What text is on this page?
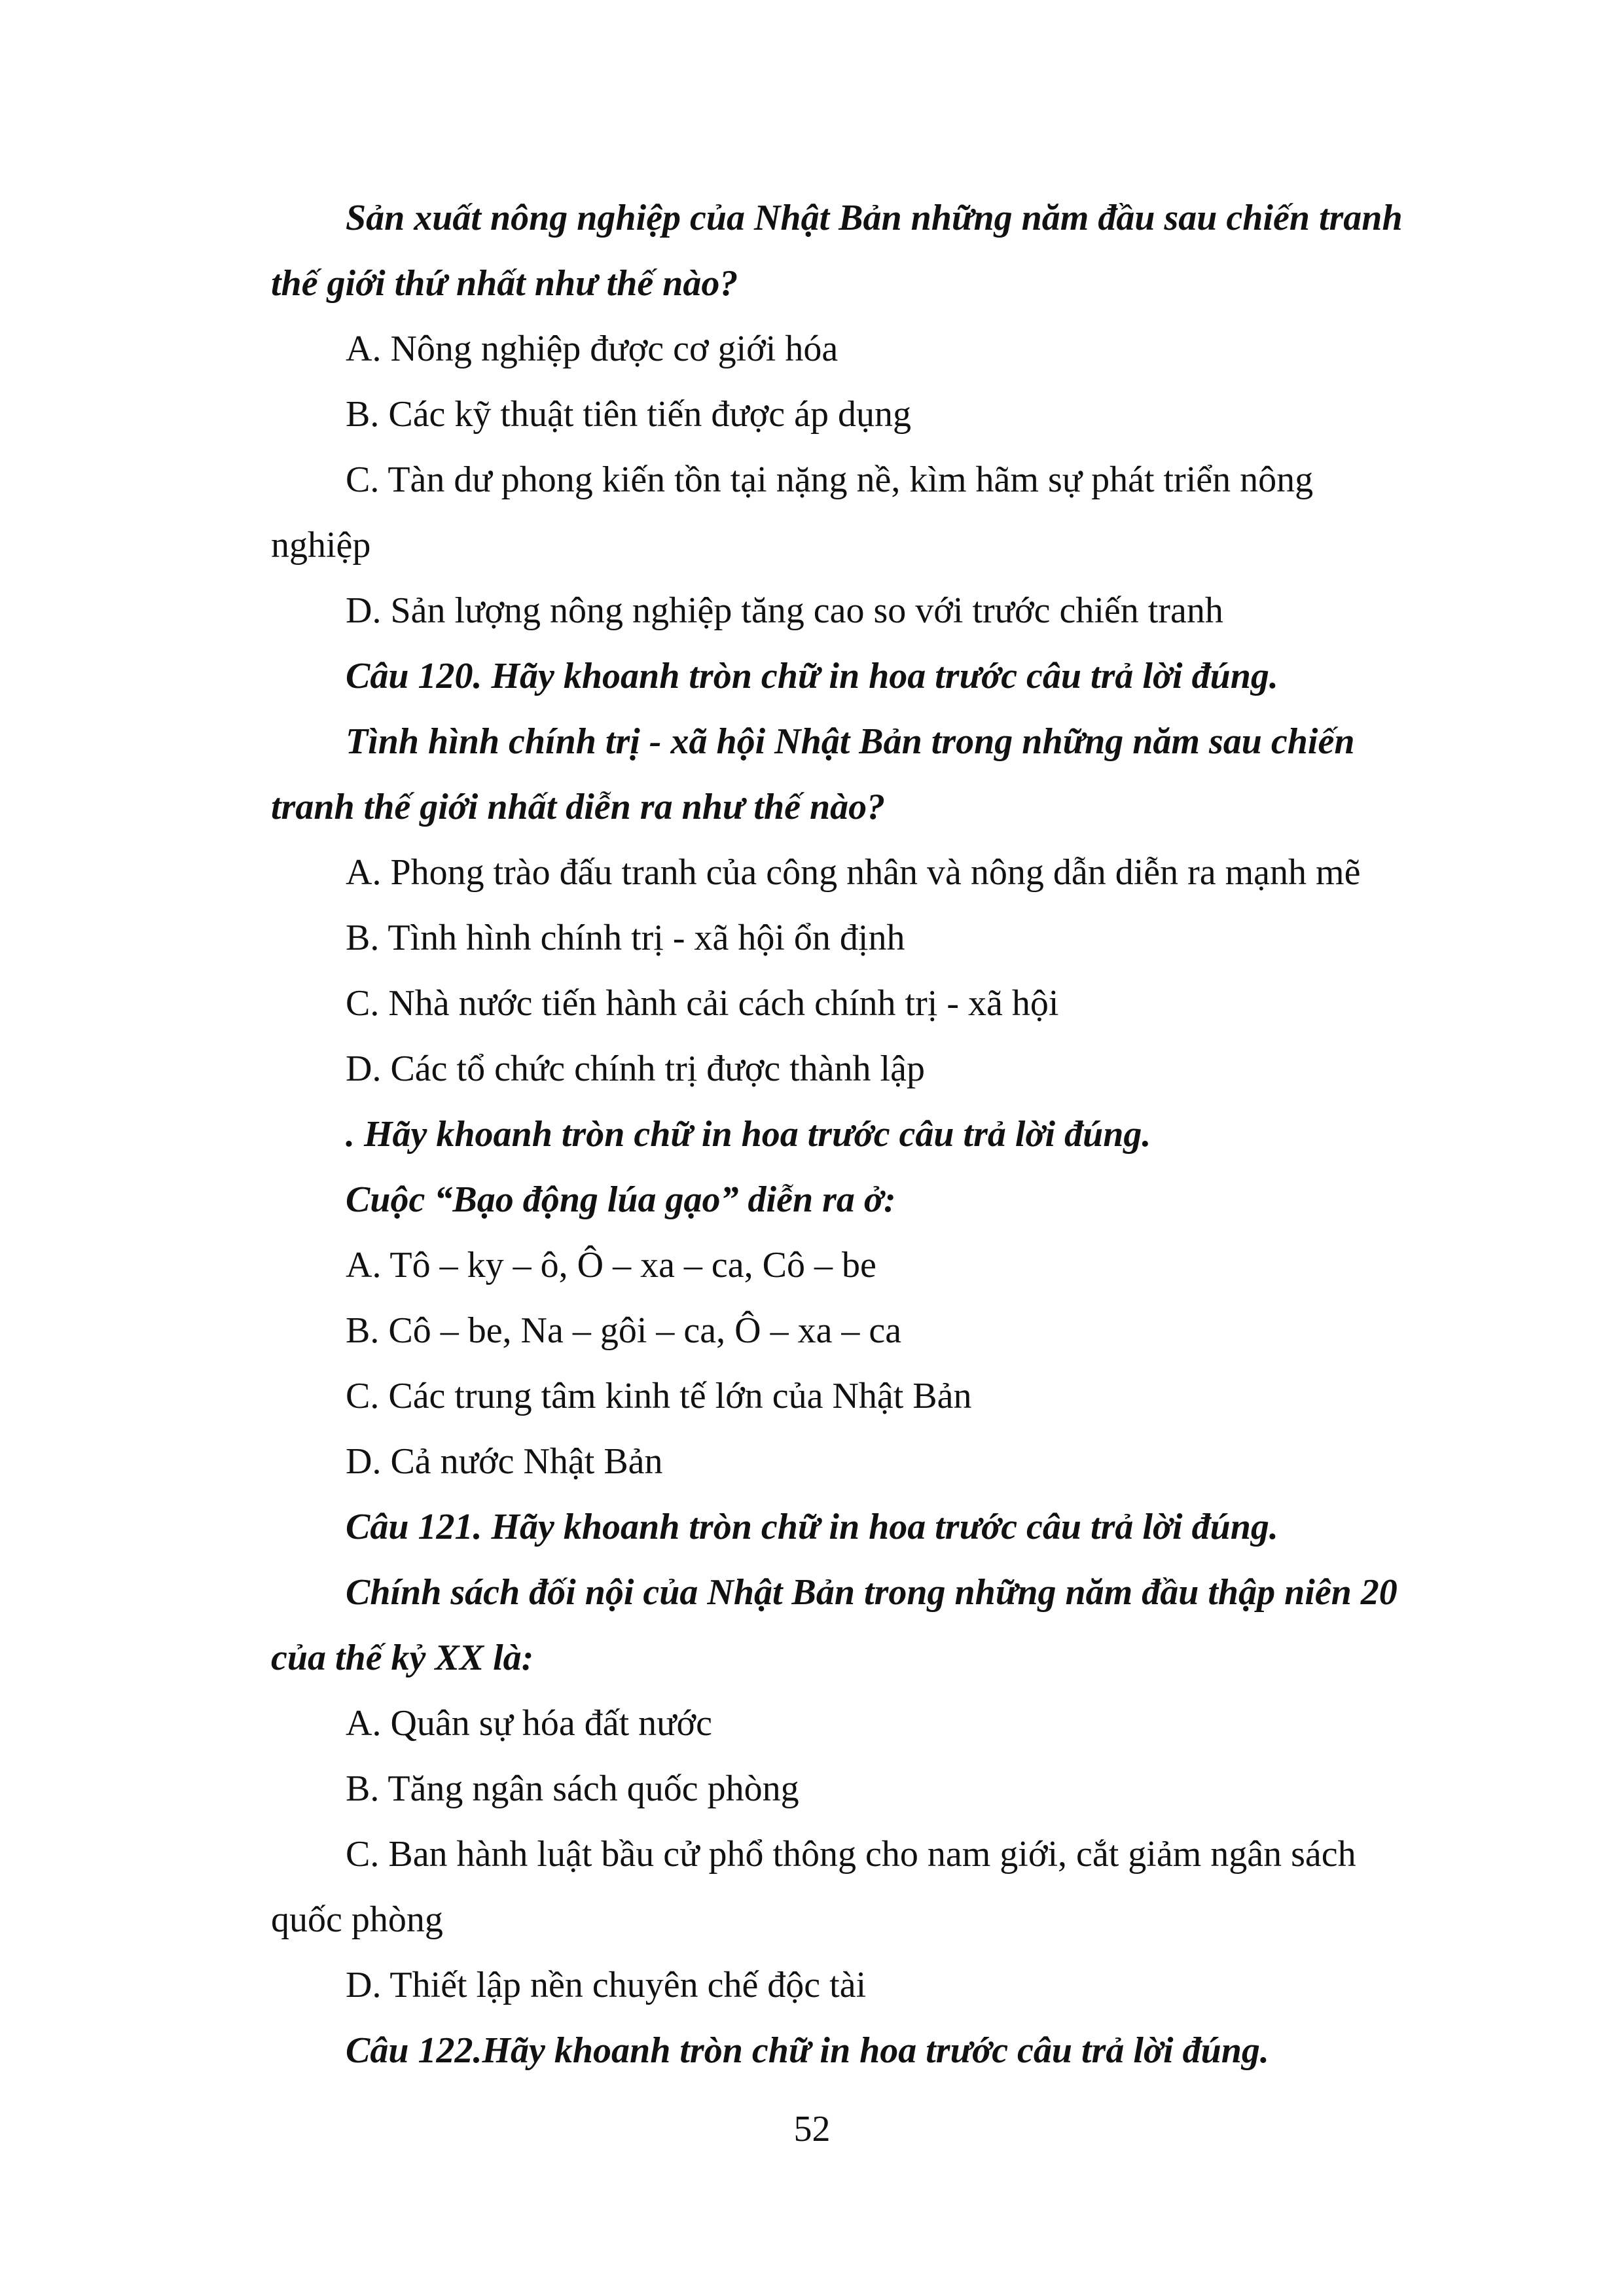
Sản xuất nông nghiệp của Nhật Bản những năm đầu sau chiến tranh
thế giới thứ nhất như thế nào?
A. Nông nghiệp được cơ giới hóa
B. Các kỹ thuật tiên tiến được áp dụng
C. Tàn dư phong kiến tồn tại nặng nề, kìm hãm sự phát triển nông
nghiệp
D. Sản lượng nông nghiệp tăng cao so với trước chiến tranh
Câu 120. Hãy khoanh tròn chữ in hoa trước câu trả lời đúng.
Tình hình chính trị - xã hội Nhật Bản trong những năm sau chiến
tranh thế giới nhất diễn ra như thế nào?
A. Phong trào đấu tranh của công nhân và nông dẫn diễn ra mạnh mẽ
B. Tình hình chính trị - xã hội ổn định
C. Nhà nước tiến hành cải cách chính trị - xã hội
D. Các tổ chức chính trị được thành lập
. Hãy khoanh tròn chữ in hoa trước câu trả lời đúng.
Cuộc “Bạo động lúa gạo” diễn ra ở:
A. Tô – ky – ô, Ô – xa – ca, Cô – be
B. Cô – be, Na – gôi – ca, Ô – xa – ca
C. Các trung tâm kinh tế lớn của Nhật Bản
D. Cả nước Nhật Bản
Câu 121. Hãy khoanh tròn chữ in hoa trước câu trả lời đúng.
Chính sách đối nội của Nhật Bản trong những năm đầu thập niên 20
của thế kỷ XX là:
A. Quân sự hóa đất nước
B. Tăng ngân sách quốc phòng
C. Ban hành luật bầu cử phổ thông cho nam giới, cắt giảm ngân sách
quốc phòng
D. Thiết lập nền chuyên chế độc tài
Câu 122.Hãy khoanh tròn chữ in hoa trước câu trả lời đúng.
52
